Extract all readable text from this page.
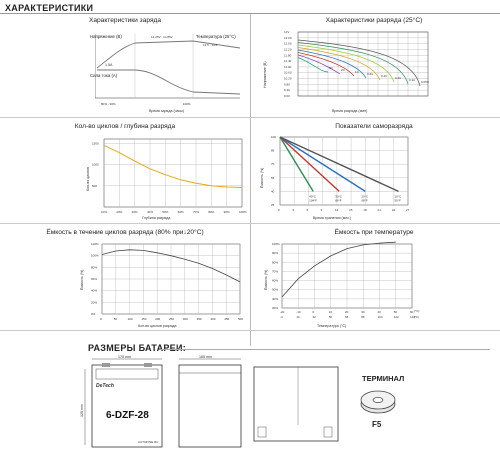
ХАРАКТЕРИСТИКИ
Характеристики заряда
14.25V - 14.85V
13.5 - 13.8
1.5А
80% - 90%	100%
Время заряда (часы)
Напряжение (В)	Температура (25°С)
Сила тока (А)
Характеристики разряда (25°С)
0.05C
0.1C
0.2C
0.4C
0.6C
1C
2C
3C
12V
13.00
12.60
12.20
11.80
11.40
11.00
10.60
10.20
9.80
9.40
9.00
Время разряда (мин)
Напряжение (В)
Кол-во циклов / глубина разряда
1500
1000
500
10%	20%	30%	40%	50%	60%	70%	80%	90%	100%
Глубина разряда
Кол-во циклов
Показатели саморазряда
100
85
70
55
40
25
0	3	6	9	12	15	18	21	24	27
40°C
104°F
30°C
86°F
20°C
68°F
10°C
50°F
Время хранения (мес.)
Ёмкость (%)
Ёмкость в течение циклов разряда (80% при↓20°C)
120%
100%
80%
60%
40%
20%
0%
0	50	100	150	200	250	300	350	400	450	500
Кол-во циклов разряда
Ёмкость (%)
Ёмкость при температуре
100%
90%
80%
70%
60%
50%
40%
30%
-20
-4
-10
14
0
32
10
50
20
68
30
86
40
104
50
122
60
140
(°С)
(°F)
Температура (°С)
Ёмкость (%)
РАЗМЕРЫ БАТАРЕИ:
175 mm
125 mm
DeTech
6-DZF-28
AUTOFINE.RU
165 mm
ТЕРМИНАЛ
F5
